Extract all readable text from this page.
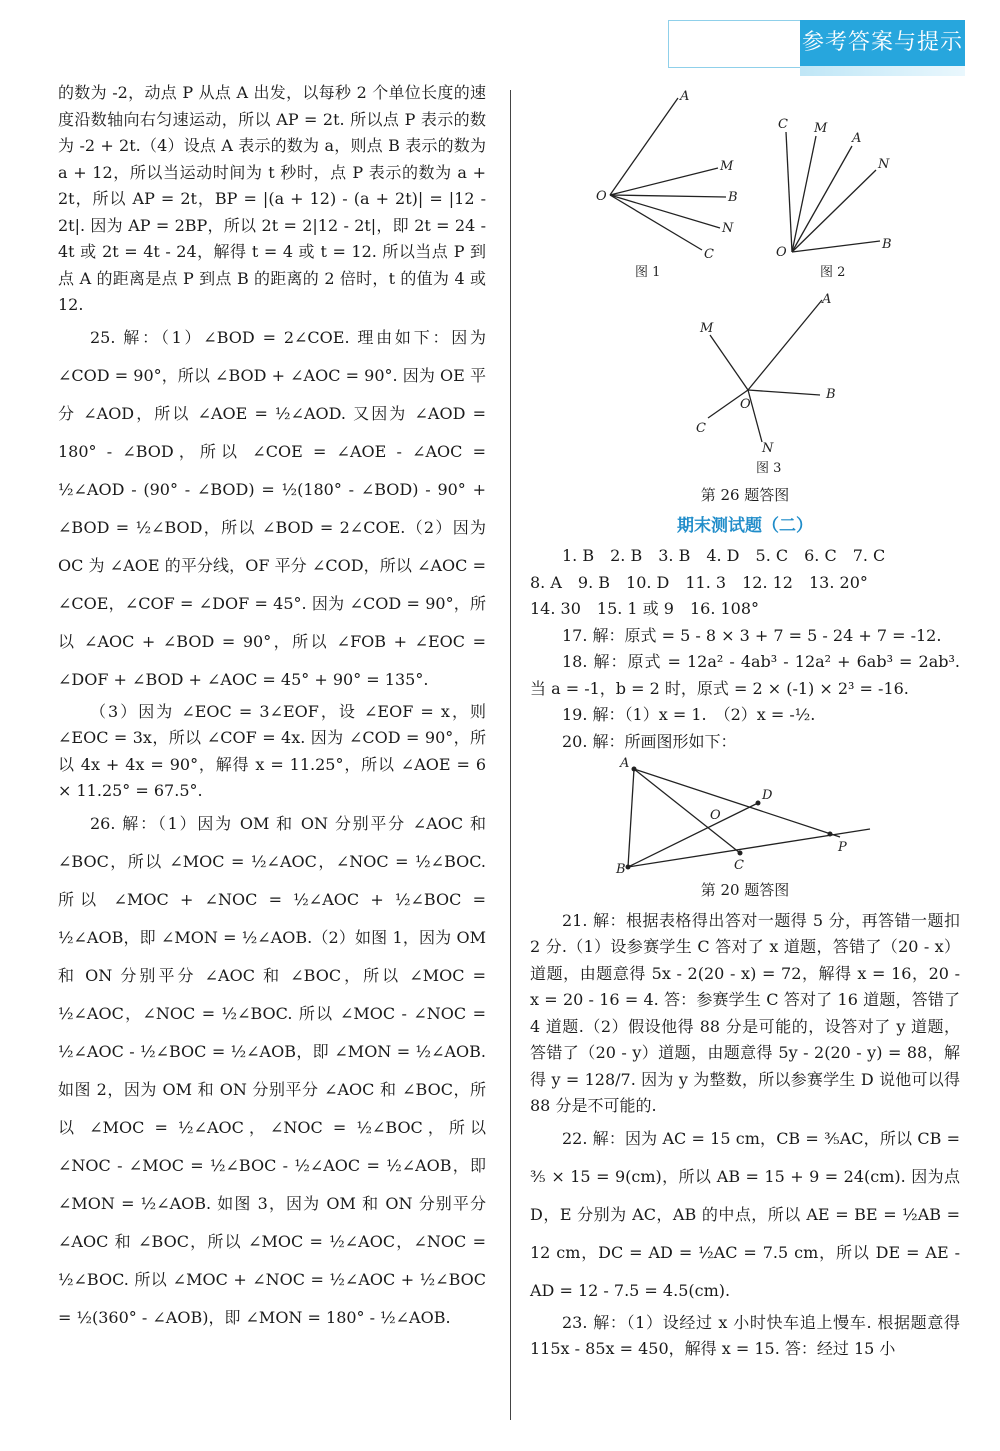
参考答案与提示

的数为 -2，动点 P 从点 A 出发，以每秒 2 个单位长度的速度沿数轴向右匀速运动，所以 AP = 2t. 所以点 P 表示的数为 -2 + 2t.（4）设点 A 表示的数为 a，则点 B 表示的数为 a + 12，所以当运动时间为 t 秒时，点 P 表示的数为 a + 2t，所以 AP = 2t，BP = |(a + 12) - (a + 2t)| = |12 - 2t|. 因为 AP = 2BP，所以 2t = 2|12 - 2t|，即 2t = 24 - 4t 或 2t = 4t - 24，解得 t = 4 或 t = 12. 所以当点 P 到点 A 的距离是点 P 到点 B 的距离的 2 倍时，t 的值为 4 或 12.

25. 解：（1）∠BOD = 2∠COE. 理由如下：因为 ∠COD = 90°，所以 ∠BOD + ∠AOC = 90°. 因为 OE 平分 ∠AOD，所以 ∠AOE = ½∠AOD. 又因为 ∠AOD = 180° - ∠BOD，所以 ∠COE = ∠AOE - ∠AOC = ½∠AOD - (90° - ∠BOD) = ½(180° - ∠BOD) - 90° + ∠BOD = ½∠BOD，所以 ∠BOD = 2∠COE.（2）因为 OC 为 ∠AOE 的平分线，OF 平分 ∠COD，所以 ∠AOC = ∠COE，∠COF = ∠DOF = 45°. 因为 ∠COD = 90°，所以 ∠AOC + ∠BOD = 90°，所以 ∠FOB + ∠EOC = ∠DOF + ∠BOD + ∠AOC = 45° + 90° = 135°.

（3）因为 ∠EOC = 3∠EOF，设 ∠EOF = x，则 ∠EOC = 3x，所以 ∠COF = 4x. 因为 ∠COD = 90°，所以 4x + 4x = 90°，解得 x = 11.25°，所以 ∠AOE = 6 × 11.25° = 67.5°.

26. 解：（1）因为 OM 和 ON 分别平分 ∠AOC 和 ∠BOC，所以 ∠MOC = ½∠AOC，∠NOC = ½∠BOC. 所以 ∠MOC + ∠NOC = ½∠AOC + ½∠BOC = ½∠AOB，即 ∠MON = ½∠AOB.（2）如图 1，因为 OM 和 ON 分别平分 ∠AOC 和 ∠BOC，所以 ∠MOC = ½∠AOC，∠NOC = ½∠BOC. 所以 ∠MOC - ∠NOC = ½∠AOC - ½∠BOC = ½∠AOB，即 ∠MON = ½∠AOB. 如图 2，因为 OM 和 ON 分别平分 ∠AOC 和 ∠BOC，所以 ∠MOC = ½∠AOC，∠NOC = ½∠BOC，所以 ∠NOC - ∠MOC = ½∠BOC - ½∠AOC = ½∠AOB，即 ∠MON = ½∠AOB. 如图 3，因为 OM 和 ON 分别平分 ∠AOC 和 ∠BOC，所以 ∠MOC = ½∠AOC，∠NOC = ½∠BOC. 所以 ∠MOC + ∠NOC = ½∠AOC + ½∠BOC = ½(360° - ∠AOB)，即 ∠MON = 180° - ½∠AOB.

A
M
B
N
C
O
图 1
C M
A
N
B
O
图 2
A
M
B
C
N
O
图 3
第 26 题答图
期末测试题（二）

1. B　2. B　3. B　4. D　5. C　6. C　7. C

8. A　9. B　10. D　11. 3　12. 12　13. 20°

14. 30　15. 1 或 9　16. 108°

17. 解：原式 = 5 - 8 × 3 + 7 = 5 - 24 + 7 = -12.

18. 解：原式 = 12a² - 4ab³ - 12a² + 6ab³ = 2ab³. 当 a = -1，b = 2 时，原式 = 2 × (-1) × 2³ = -16.

19. 解：（1）x = 1.　（2）x = -½.

20. 解：所画图形如下：

A
D
O
P
B	C
第 20 题答图

21. 解：根据表格得出答对一题得 5 分，再答错一题扣 2 分.（1）设参赛学生 C 答对了 x 道题，答错了（20 - x）道题，由题意得 5x - 2(20 - x) = 72，解得 x = 16，20 - x = 20 - 16 = 4. 答：参赛学生 C 答对了 16 道题，答错了 4 道题.（2）假设他得 88 分是可能的，设答对了 y 道题，答错了（20 - y）道题，由题意得 5y - 2(20 - y) = 88，解得 y = 128/7. 因为 y 为整数，所以参赛学生 D 说他可以得 88 分是不可能的.

22. 解：因为 AC = 15 cm，CB = ⅗AC，所以 CB = ⅗ × 15 = 9(cm)，所以 AB = 15 + 9 = 24(cm). 因为点 D，E 分别为 AC，AB 的中点，所以 AE = BE = ½AB = 12 cm，DC = AD = ½AC = 7.5 cm，所以 DE = AE - AD = 12 - 7.5 = 4.5(cm).

23. 解：（1）设经过 x 小时快车追上慢车. 根据题意得 115x - 85x = 450，解得 x = 15. 答：经过 15 小
